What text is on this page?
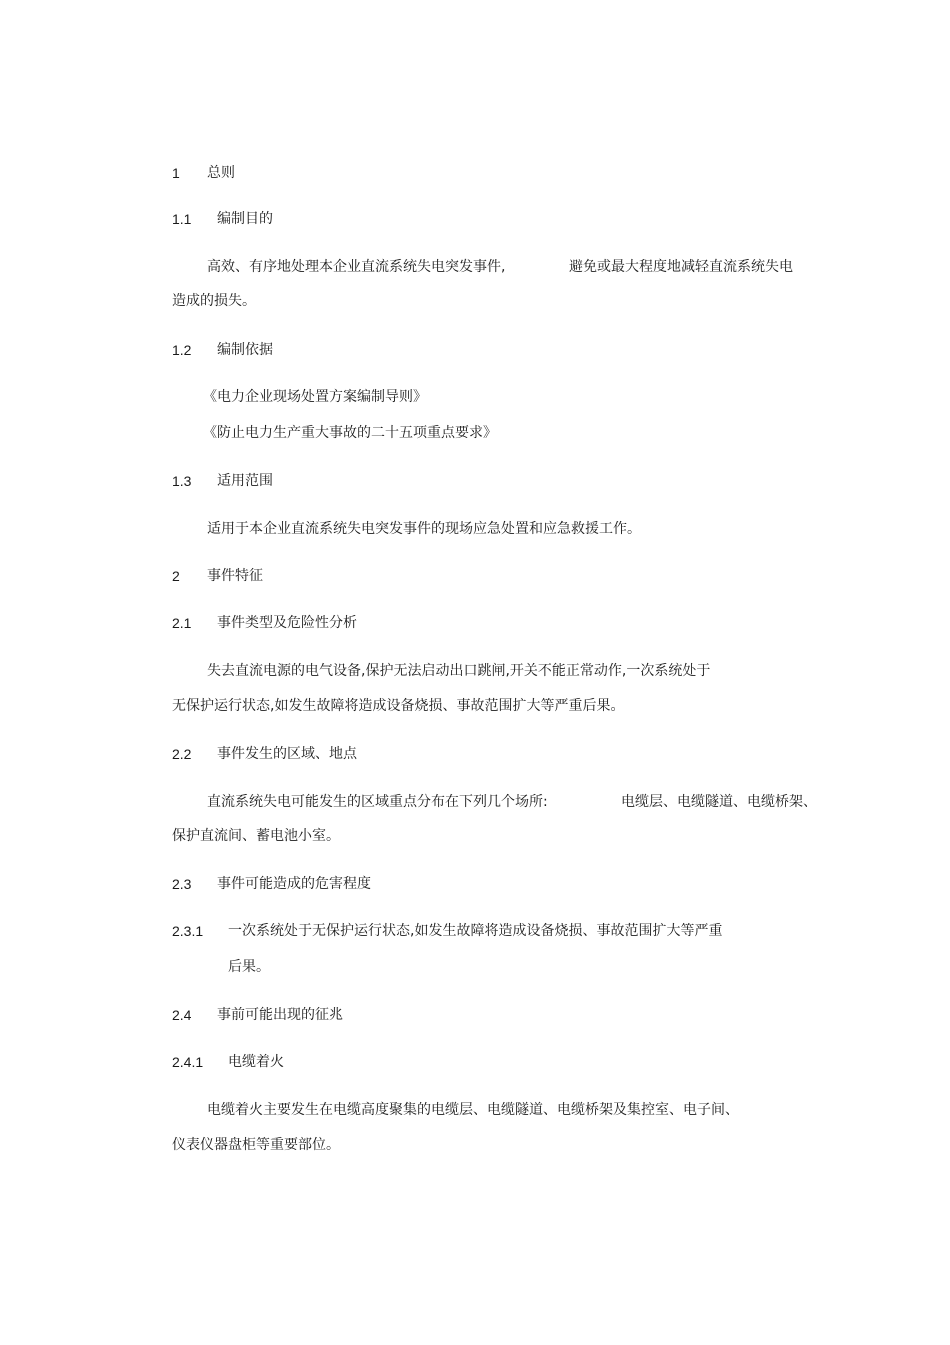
1 总则
1.1 编制目的
高效、有序地处理本企业直流系统失电突发事件,	避免或最大程度地减轻直流系统失电
造成的损失。
1.2 编制依据
《电力企业现场处置方案编制导则》
《防止电力生产重大事故的二十五项重点要求》
1.3 适用范围
适用于本企业直流系统失电突发事件的现场应急处置和应急救援工作。
2 事件特征
2.1 事件类型及危险性分析
失去直流电源的电气设备,保护无法启动出口跳闸,开关不能正常动作,一次系统处于
无保护运行状态,如发生故障将造成设备烧损、事故范围扩大等严重后果。
2.2 事件发生的区域、地点
直流系统失电可能发生的区域重点分布在下列几个场所:	电缆层、电缆隧道、电缆桥架、
保护直流间、蓄电池小室。
2.3 事件可能造成的危害程度
2.3.1 一次系统处于无保护运行状态,如发生故障将造成设备烧损、事故范围扩大等严重
后果。
2.4 事前可能出现的征兆
2.4.1 电缆着火
电缆着火主要发生在电缆高度聚集的电缆层、电缆隧道、电缆桥架及集控室、电子间、
仪表仪器盘柜等重要部位。
